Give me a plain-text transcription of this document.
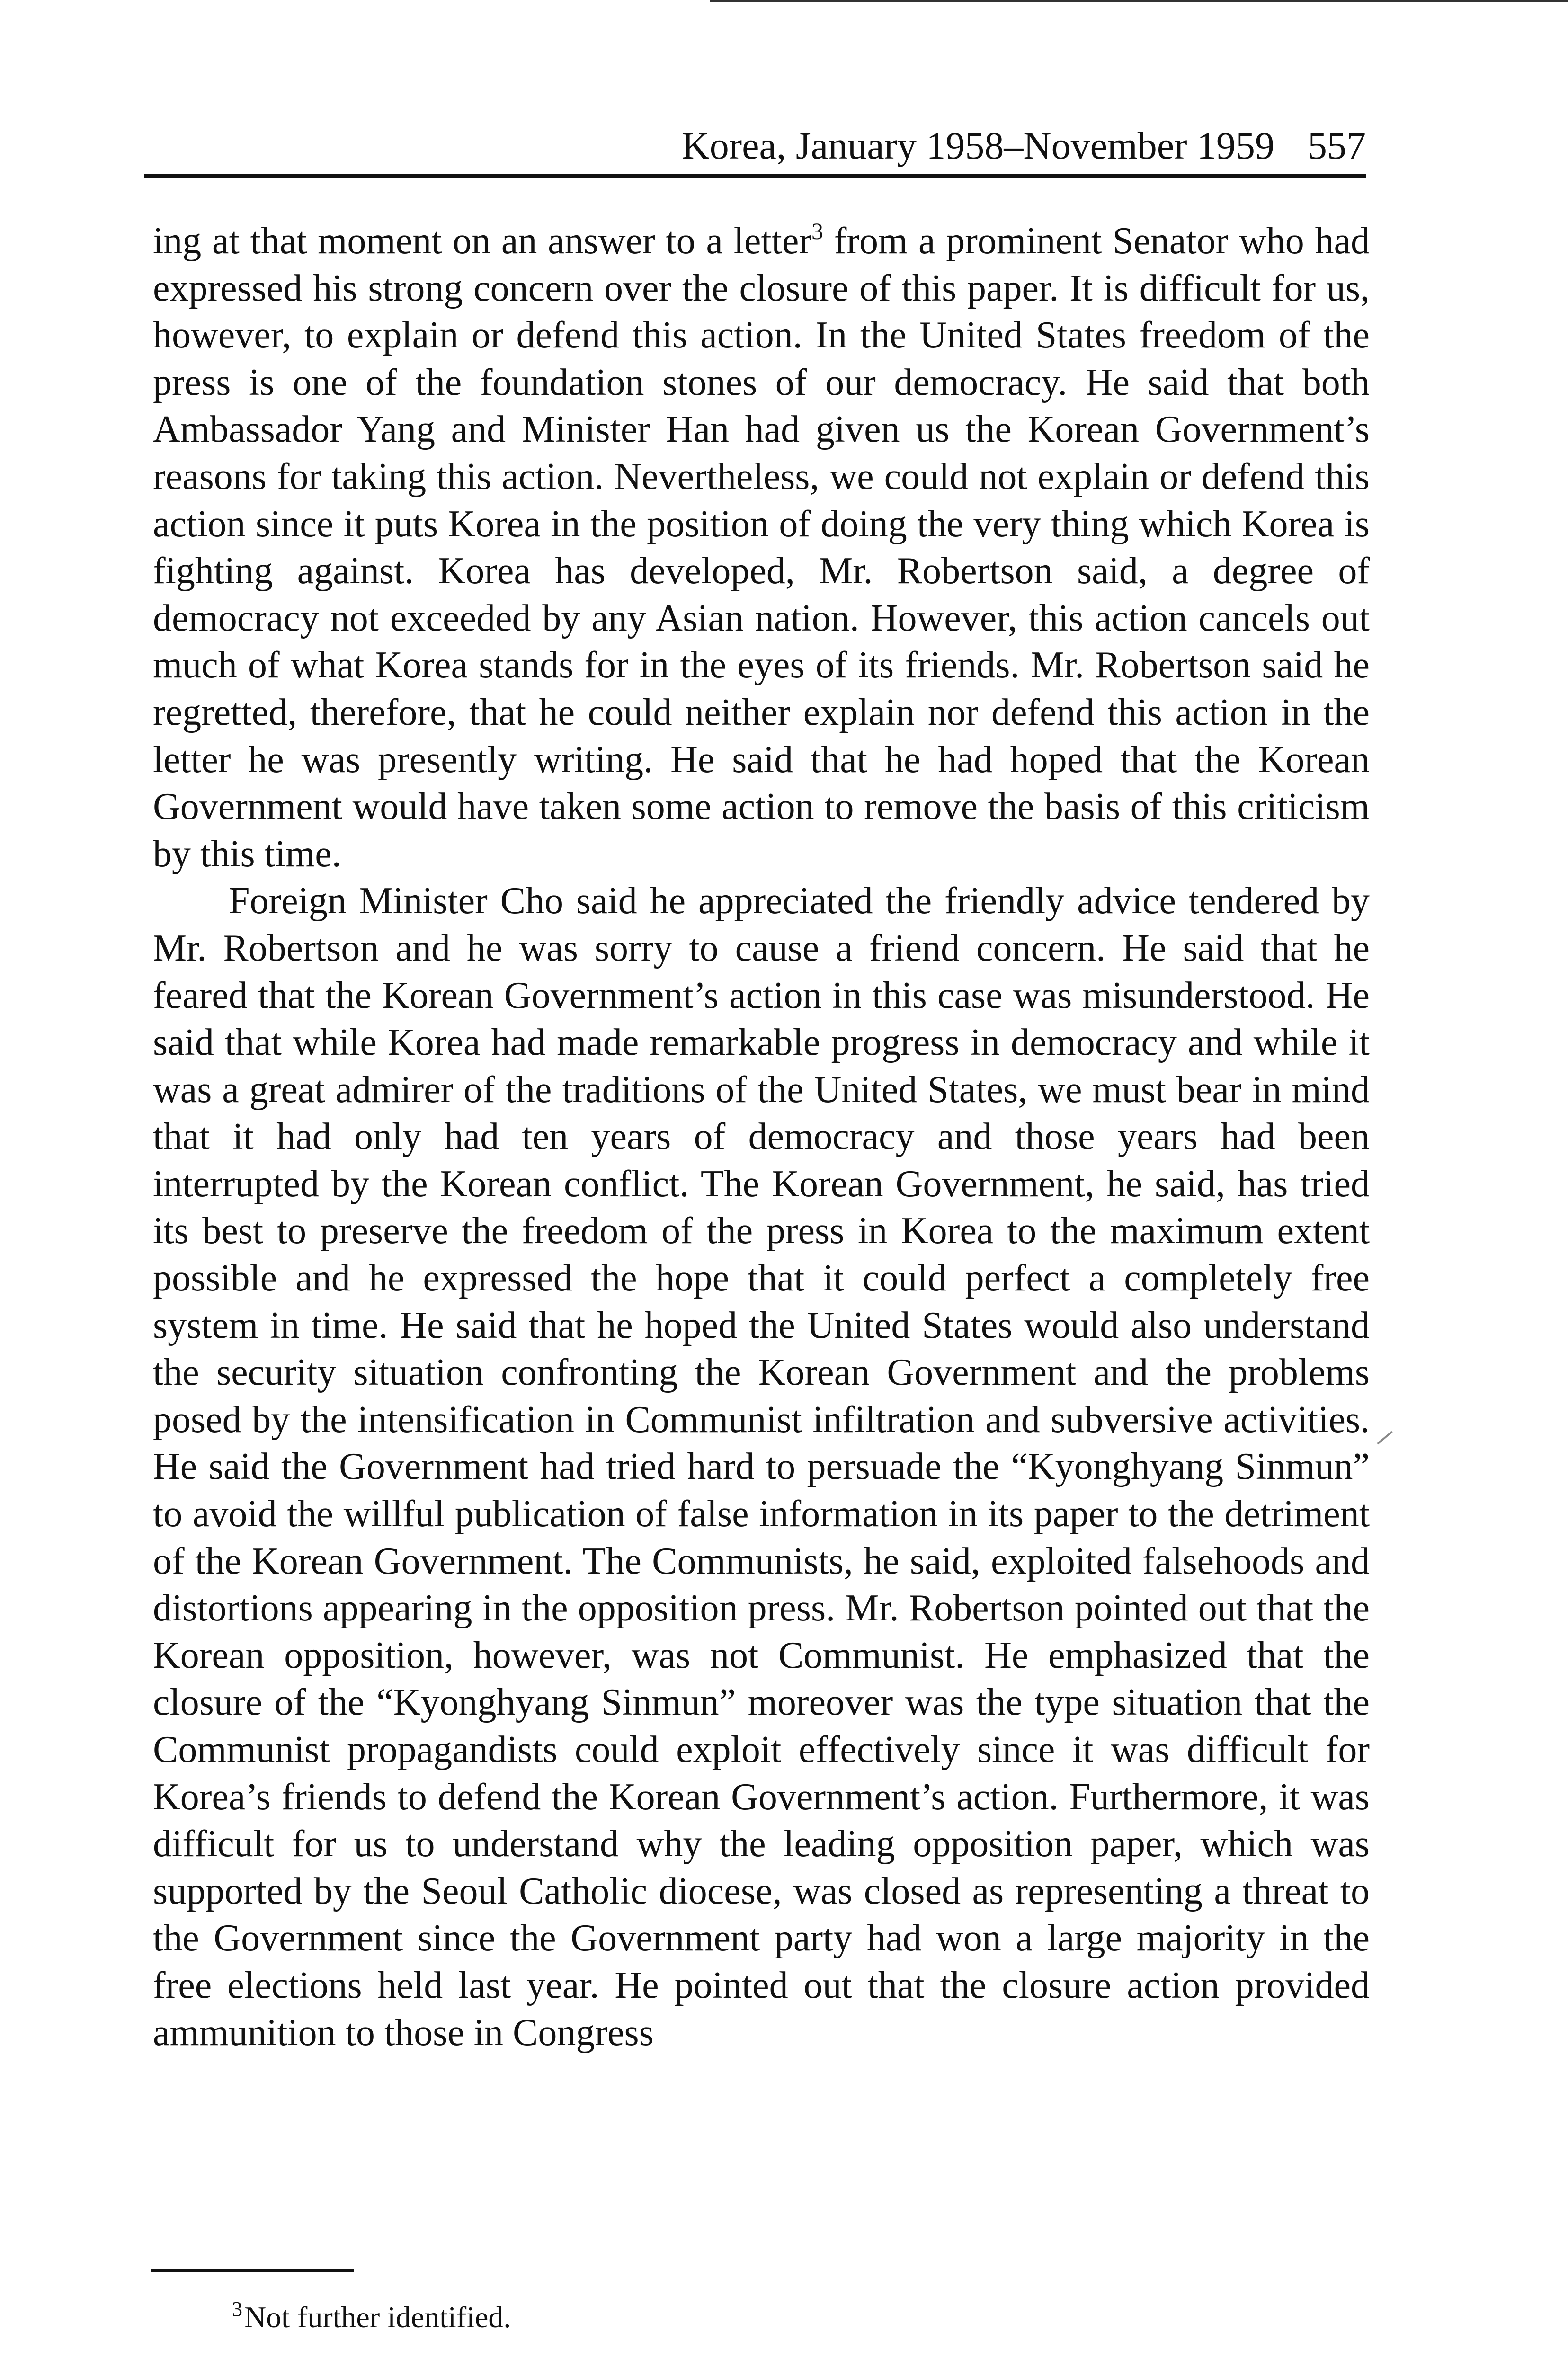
Korea, January 1958–November 1959 557

ing at that moment on an answer to a letter$^3$ from a prominent Senator who had expressed his strong concern over the closure of this paper. It is difficult for us, however, to explain or defend this action. In the United States freedom of the press is one of the foundation stones of our democracy. He said that both Ambassador Yang and Minister Han had given us the Korean Government’s reasons for taking this action. Nevertheless, we could not explain or defend this action since it puts Korea in the position of doing the very thing which Korea is fighting against. Korea has developed, Mr. Robertson said, a degree of democracy not exceeded by any Asian nation. However, this action cancels out much of what Korea stands for in the eyes of its friends. Mr. Robertson said he regretted, therefore, that he could neither explain nor defend this action in the letter he was presently writing. He said that he had hoped that the Korean Government would have taken some action to remove the basis of this criticism by this time.

Foreign Minister Cho said he appreciated the friendly advice tendered by Mr. Robertson and he was sorry to cause a friend concern. He said that he feared that the Korean Government’s action in this case was misunderstood. He said that while Korea had made remarkable progress in democracy and while it was a great admirer of the traditions of the United States, we must bear in mind that it had only had ten years of democracy and those years had been interrupted by the Korean conflict. The Korean Government, he said, has tried its best to preserve the freedom of the press in Korea to the maximum extent possible and he expressed the hope that it could perfect a completely free system in time. He said that he hoped the United States would also understand the security situation confronting the Korean Government and the problems posed by the intensification in Communist infiltration and subversive activities. He said the Government had tried hard to persuade the “Kyonghyang Sinmun” to avoid the willful publication of false information in its paper to the detriment of the Korean Government. The Communists, he said, exploited falsehoods and distortions appearing in the opposition press. Mr. Robertson pointed out that the Korean opposition, however, was not Communist. He emphasized that the closure of the “Kyonghyang Sinmun” moreover was the type situation that the Communist propagandists could exploit effectively since it was difficult for Korea’s friends to defend the Korean Government’s action. Furthermore, it was difficult for us to understand why the leading opposition paper, which was supported by the Seoul Catholic diocese, was closed as representing a threat to the Government since the Government party had won a large majority in the free elections held last year. He pointed out that the closure action provided ammunition to those in Congress

$^3$Not further identified.
